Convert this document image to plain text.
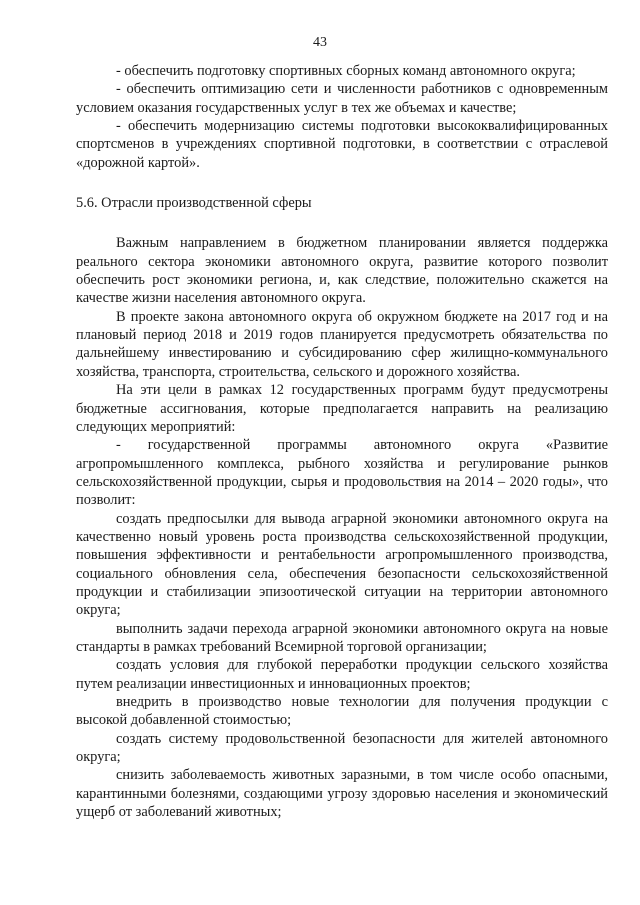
43

- обеспечить подготовку спортивных сборных команд автономного округа;

- обеспечить оптимизацию сети и численности работников с одновременным условием оказания государственных услуг в тех же объемах и качестве;

- обеспечить модернизацию системы подготовки высококвалифицированных спортсменов в учреждениях спортивной подготовки, в соответствии с отраслевой «дорожной картой».

5.6. Отрасли производственной сферы

Важным направлением в бюджетном планировании является поддержка реального сектора экономики автономного округа, развитие которого позволит обеспечить рост экономики региона, и, как следствие, положительно скажется на качестве жизни населения автономного округа.

В проекте закона автономного округа об окружном бюджете на 2017 год и на плановый период 2018 и 2019 годов планируется предусмотреть обязательства по дальнейшему инвестированию и субсидированию сфер жилищно-коммунального хозяйства, транспорта, строительства, сельского и дорожного хозяйства.

На эти цели в рамках 12 государственных программ будут предусмотрены бюджетные ассигнования, которые предполагается направить на реализацию следующих мероприятий:

- государственной программы автономного округа «Развитие агропромышленного комплекса, рыбного хозяйства и регулирование рынков сельскохозяйственной продукции, сырья и продовольствия на 2014 – 2020 годы», что позволит:

создать предпосылки для вывода аграрной экономики автономного округа на качественно новый уровень роста производства сельскохозяйственной продукции, повышения эффективности и рентабельности агропромышленного производства, социального обновления села, обеспечения безопасности сельскохозяйственной продукции и стабилизации эпизоотической ситуации на территории автономного округа;

выполнить задачи перехода аграрной экономики автономного округа на новые стандарты в рамках требований Всемирной торговой организации;

создать условия для глубокой переработки продукции сельского хозяйства путем реализации инвестиционных и инновационных проектов;

внедрить в производство новые технологии для получения продукции с высокой добавленной стоимостью;

создать систему продовольственной безопасности для жителей автономного округа;

снизить заболеваемость животных заразными, в том числе особо опасными, карантинными болезнями, создающими угрозу здоровью населения и экономический ущерб от заболеваний животных;
